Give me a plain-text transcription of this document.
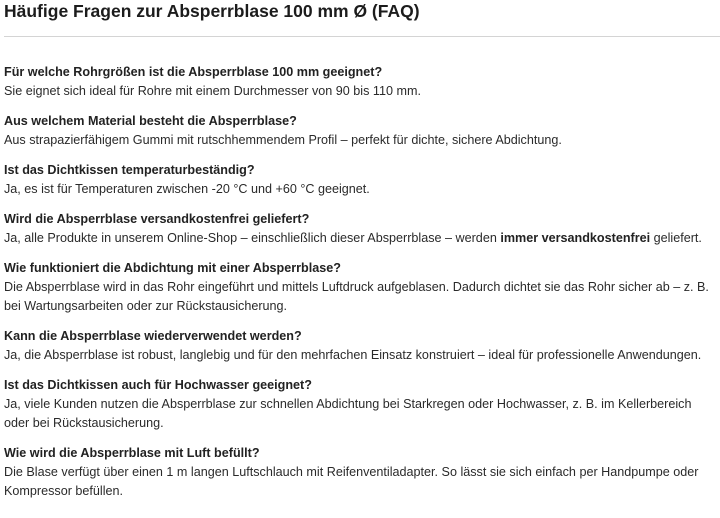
Häufige Fragen zur Absperrblase 100 mm Ø (FAQ)

Für welche Rohrgrößen ist die Absperrblase 100 mm geeignet?

Sie eignet sich ideal für Rohre mit einem Durchmesser von 90 bis 110 mm.

Aus welchem Material besteht die Absperrblase?

Aus strapazierfähigem Gummi mit rutschhemmendem Profil – perfekt für dichte, sichere Abdichtung.

Ist das Dichtkissen temperaturbeständig?

Ja, es ist für Temperaturen zwischen -20 °C und +60 °C geeignet.

Wird die Absperrblase versandkostenfrei geliefert?

Ja, alle Produkte in unserem Online-Shop – einschließlich dieser Absperrblase – werden immer versandkostenfrei geliefert.

Wie funktioniert die Abdichtung mit einer Absperrblase?

Die Absperrblase wird in das Rohr eingeführt und mittels Luftdruck aufgeblasen. Dadurch dichtet sie das Rohr sicher ab – z. B. bei Wartungsarbeiten oder zur Rückstausicherung.

Kann die Absperrblase wiederverwendet werden?

Ja, die Absperrblase ist robust, langlebig und für den mehrfachen Einsatz konstruiert – ideal für professionelle Anwendungen.

Ist das Dichtkissen auch für Hochwasser geeignet?

Ja, viele Kunden nutzen die Absperrblase zur schnellen Abdichtung bei Starkregen oder Hochwasser, z. B. im Kellerbereich oder bei Rückstausicherung.

Wie wird die Absperrblase mit Luft befüllt?

Die Blase verfügt über einen 1 m langen Luftschlauch mit Reifenventiladapter. So lässt sie sich einfach per Handpumpe oder Kompressor befüllen.
